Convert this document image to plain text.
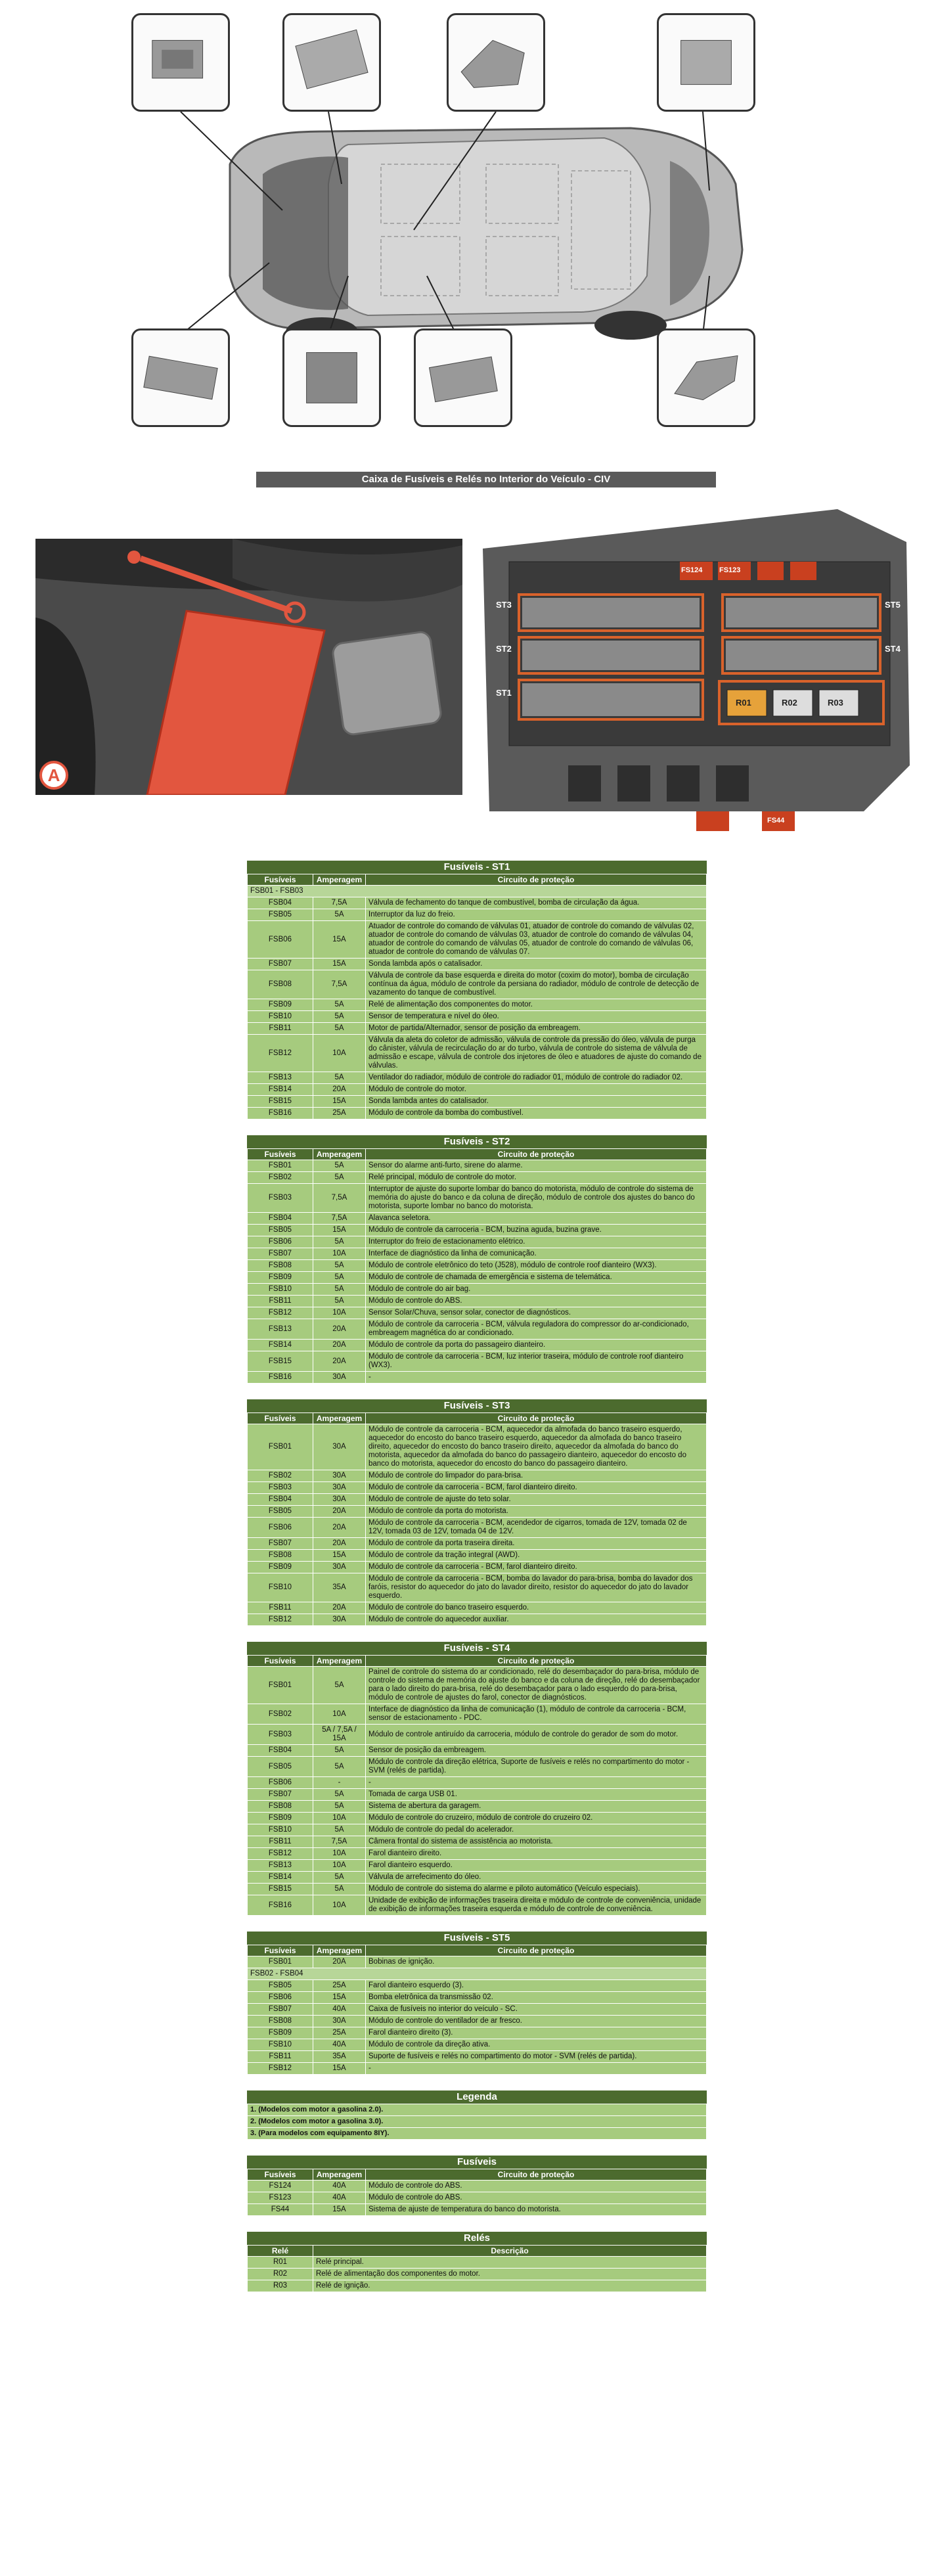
Caixa de Fusíveis e Relés no Interior do Veículo - CIV
A
ST5
ST4
ST3
ST2
ST1
FS124 FS123
FS44
R01	R02	R03
Fusíveis - ST1
Fusíveis	Amperagem	Circuito de proteção
FSB01 - FSB03		
FSB04	7,5A	Válvula de fechamento do tanque de combustível, bomba de circulação da água.
FSB05	5A	Interruptor da luz do freio.
FSB06	15A	Atuador de controle do comando de válvulas 01, atuador de controle do comando de válvulas 02, atuador de controle do comando de válvulas 03, atuador de controle do comando de válvulas 04, atuador de controle do comando de válvulas 05, atuador de controle do comando de válvulas 06, atuador de controle do comando de válvulas 07.
FSB07	15A	Sonda lambda após o catalisador.
FSB08	7,5A	Válvula de controle da base esquerda e direita do motor (coxim do motor), bomba de circulação contínua da água, módulo de controle da persiana do radiador, módulo de controle de detecção de vazamento do tanque de combustível.
FSB09	5A	Relé de alimentação dos componentes do motor.
FSB10	5A	Sensor de temperatura e nível do óleo.
FSB11	5A	Motor de partida/Alternador, sensor de posição da embreagem.
FSB12	10A	Válvula da aleta do coletor de admissão, válvula de controle da pressão do óleo, válvula de purga do cânister, válvula de recirculação do ar do turbo, válvula de controle do sistema de válvula de admissão e escape, válvula de controle dos injetores de óleo e atuadores de ajuste do comando de válvulas.
FSB13	5A	Ventilador do radiador, módulo de controle do radiador 01, módulo de controle do radiador 02.
FSB14	20A	Módulo de controle do motor.
FSB15	15A	Sonda lambda antes do catalisador.
FSB16	25A	Módulo de controle da bomba do combustível.
Fusíveis - ST2
Fusíveis	Amperagem	Circuito de proteção
FSB01	5A	Sensor do alarme anti-furto, sirene do alarme.
FSB02	5A	Relé principal, módulo de controle do motor.
FSB03	7,5A	Interruptor de ajuste do suporte lombar do banco do motorista, módulo de controle do sistema de memória do ajuste do banco e da coluna de direção, módulo de controle dos ajustes do banco do motorista, suporte lombar no banco do motorista.
FSB04	7,5A	Alavanca seletora.
FSB05	15A	Módulo de controle da carroceria - BCM, buzina aguda, buzina grave.
FSB06	5A	Interruptor do freio de estacionamento elétrico.
FSB07	10A	Interface de diagnóstico da linha de comunicação.
FSB08	5A	Módulo de controle eletrônico do teto (J528), módulo de controle roof dianteiro (WX3).
FSB09	5A	Módulo de controle de chamada de emergência e sistema de telemática.
FSB10	5A	Módulo de controle do air bag.
FSB11	5A	Módulo de controle do ABS.
FSB12	10A	Sensor Solar/Chuva, sensor solar, conector de diagnósticos.
FSB13	20A	Módulo de controle da carroceria - BCM, válvula reguladora do compressor do ar-condicionado, embreagem magnética do ar condicionado.
FSB14	20A	Módulo de controle da porta do passageiro dianteiro.
FSB15	20A	Módulo de controle da carroceria - BCM, luz interior traseira, módulo de controle roof dianteiro (WX3).
FSB16	30A	-
Fusíveis - ST3
Fusíveis	Amperagem	Circuito de proteção
FSB01	30A	Módulo de controle da carroceria - BCM, aquecedor da almofada do banco traseiro esquerdo, aquecedor do encosto do banco traseiro esquerdo, aquecedor da almofada do banco traseiro direito, aquecedor do encosto do banco traseiro direito, aquecedor da almofada do banco do motorista, aquecedor da almofada do banco do passageiro dianteiro, aquecedor do encosto do banco do motorista, aquecedor do encosto do banco do passageiro dianteiro.
FSB02	30A	Módulo de controle do limpador do para-brisa.
FSB03	30A	Módulo de controle da carroceria - BCM, farol dianteiro direito.
FSB04	30A	Módulo de controle de ajuste do teto solar.
FSB05	20A	Módulo de controle da porta do motorista.
FSB06	20A	Módulo de controle da carroceria - BCM, acendedor de cigarros, tomada de 12V, tomada 02 de 12V, tomada 03 de 12V, tomada 04 de 12V.
FSB07	20A	Módulo de controle da porta traseira direita.
FSB08	15A	Módulo de controle da tração integral (AWD).
FSB09	30A	Módulo de controle da carroceria - BCM, farol dianteiro direito.
FSB10	35A	Módulo de controle da carroceria - BCM, bomba do lavador do para-brisa, bomba do lavador dos faróis, resistor do aquecedor do jato do lavador direito, resistor do aquecedor do jato do lavador esquerdo.
FSB11	20A	Módulo de controle do banco traseiro esquerdo.
FSB12	30A	Módulo de controle do aquecedor auxiliar.
Fusíveis - ST4
Fusíveis	Amperagem	Circuito de proteção
FSB01	5A	Painel de controle do sistema do ar condicionado, relé do desembaçador do para-brisa, módulo de controle do sistema de memória do ajuste do banco e da coluna de direção, relé do desembaçador para o lado direito do para-brisa, relé do desembaçador para o lado esquerdo do para-brisa, módulo de controle de ajustes do farol, conector de diagnósticos.
FSB02	10A	Interface de diagnóstico da linha de comunicação (1), módulo de controle da carroceria - BCM, sensor de estacionamento - PDC.
FSB03	5A / 7,5A / 15A	Módulo de controle antiruído da carroceria, módulo de controle do gerador de som do motor.
FSB04	5A	Sensor de posição da embreagem.
FSB05	5A	Módulo de controle da direção elétrica, Suporte de fusíveis e relés no compartimento do motor - SVM (relés de partida).
FSB06	-	-
FSB07	5A	Tomada de carga USB 01.
FSB08	5A	Sistema de abertura da garagem.
FSB09	10A	Módulo de controle do cruzeiro, módulo de controle do cruzeiro 02.
FSB10	5A	Módulo de controle do pedal do acelerador.
FSB11	7,5A	Câmera frontal do sistema de assistência ao motorista.
FSB12	10A	Farol dianteiro direito.
FSB13	10A	Farol dianteiro esquerdo.
FSB14	5A	Válvula de arrefecimento do óleo.
FSB15	5A	Módulo de controle do sistema do alarme e piloto automático (Veículo especiais).
FSB16	10A	Unidade de exibição de informações traseira direita e módulo de controle de conveniência, unidade de exibição de informações traseira esquerda e módulo de controle de conveniência.
Fusíveis - ST5
Fusíveis	Amperagem	Circuito de proteção
FSB01	20A	Bobinas de ignição.
FSB02 - FSB04		
FSB05	25A	Farol dianteiro esquerdo (3).
FSB06	15A	Bomba eletrônica da transmissão 02.
FSB07	40A	Caixa de fusíveis no interior do veículo - SC.
FSB08	30A	Módulo de controle do ventilador de ar fresco.
FSB09	25A	Farol dianteiro direito (3).
FSB10	40A	Módulo de controle da direção ativa.
FSB11	35A	Suporte de fusíveis e relés no compartimento do motor - SVM (relés de partida).
FSB12	15A	-
Legenda
1. (Modelos com motor a gasolina 2.0).
2. (Modelos com motor a gasolina 3.0).
3. (Para modelos com equipamento 8IY).
Fusíveis
Fusíveis	Amperagem	Circuito de proteção
FS124	40A	Módulo de controle do ABS.
FS123	40A	Módulo de controle do ABS.
FS44	15A	Sistema de ajuste de temperatura do banco do motorista.
Relés
Relé	Descrição
R01	Relé principal.
R02	Relé de alimentação dos componentes do motor.
R03	Relé de ignição.
